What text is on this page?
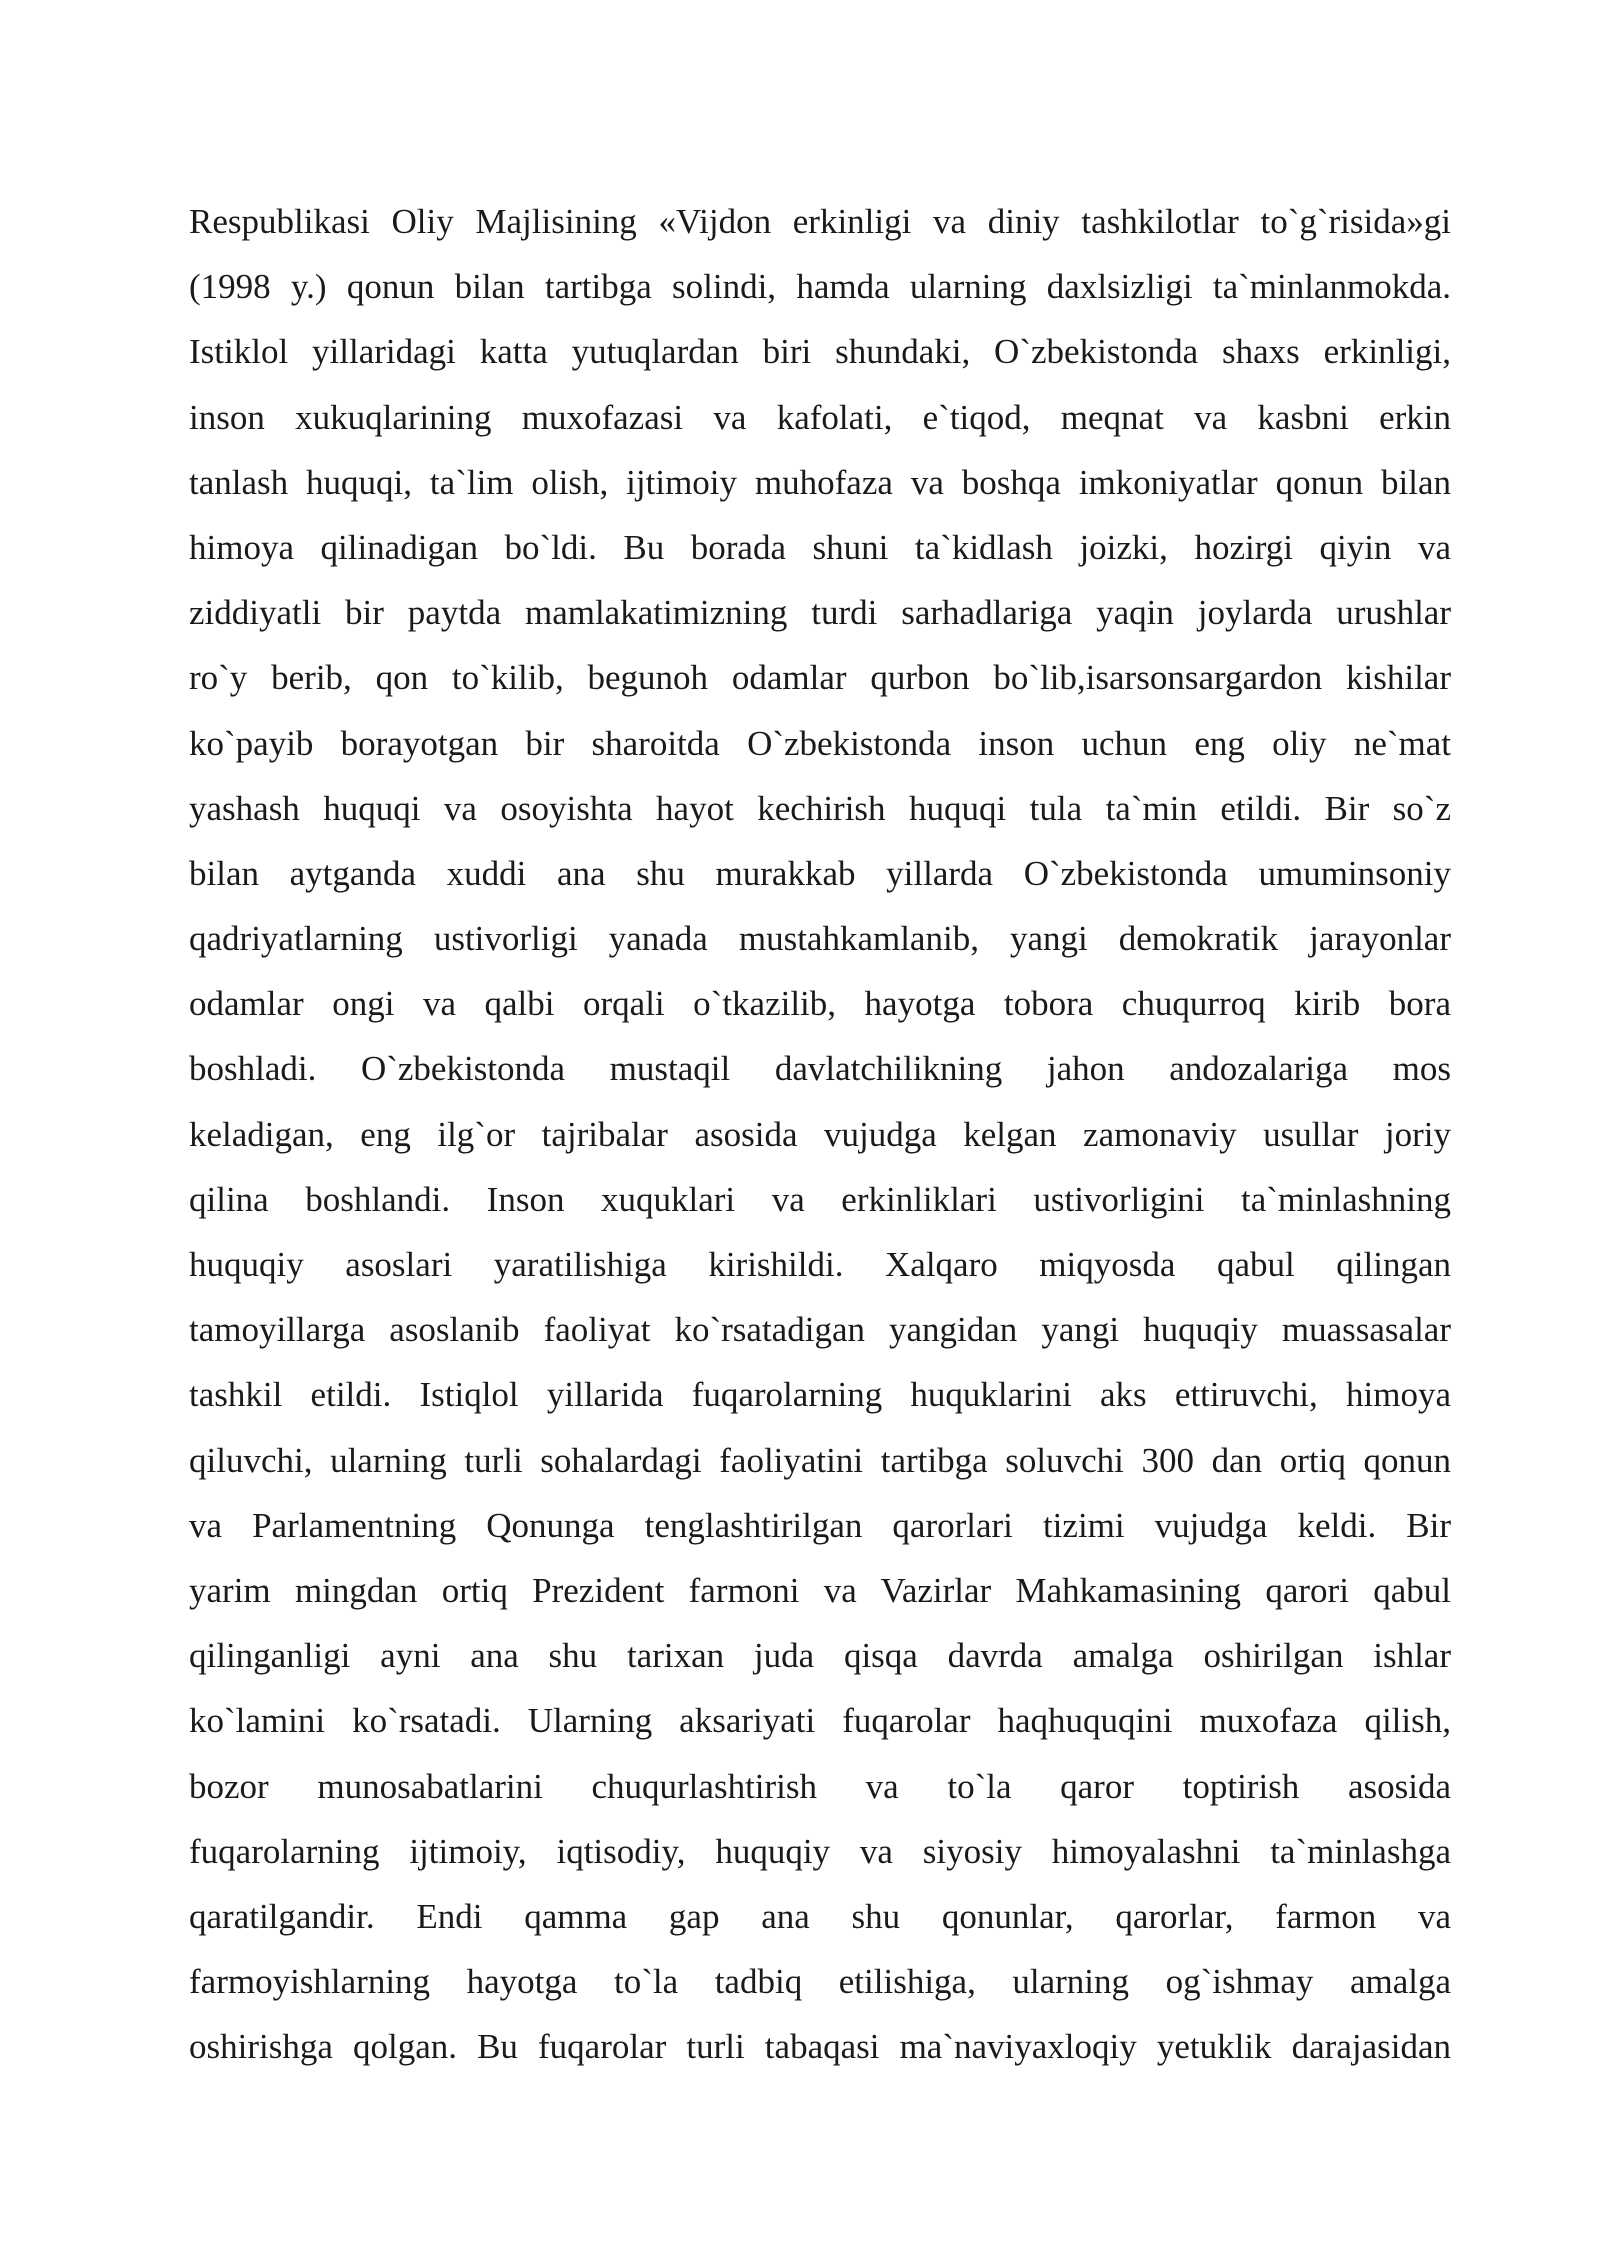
Respublikasi Oliy Majlisining «Vijdon erkinligi va diniy tashkilotlar to`g`risida»gi
(1998 y.) qonun bilan tartibga solindi, hamda ularning daxlsizligi ta`minlanmokda.
Istiklol yillaridagi katta yutuqlardan biri shundaki, O`zbekistonda shaxs erkinligi,
inson xukuqlarining muxofazasi va kafolati, e`tiqod, meqnat va kasbni erkin
tanlash huquqi, ta`lim olish, ijtimoiy muhofaza va boshqa imkoniyatlar qonun bilan
himoya qilinadigan bo`ldi. Bu borada shuni ta`kidlash joizki, hozirgi qiyin va
ziddiyatli bir paytda mamlakatimizning turdi sarhadlariga yaqin joylarda urushlar
ro`y berib, qon to`kilib, begunoh odamlar qurbon bo`lib,isarsonsargardon kishilar
ko`payib borayotgan bir sharoitda O`zbekistonda inson uchun eng oliy ne`mat
yashash huquqi va osoyishta hayot kechirish huquqi tula ta`min etildi. Bir so`z
bilan aytganda xuddi ana shu murakkab yillarda O`zbekistonda umuminsoniy
qadriyatlarning ustivorligi yanada mustahkamlanib, yangi demokratik jarayonlar
odamlar ongi va qalbi orqali o`tkazilib, hayotga tobora chuqurroq kirib bora
boshladi. O`zbekistonda mustaqil davlatchilikning jahon andozalariga mos
keladigan, eng ilg`or tajribalar asosida vujudga kelgan zamonaviy usullar joriy
qilina boshlandi. Inson xuquklari va erkinliklari ustivorligini ta`minlashning
huquqiy asoslari yaratilishiga kirishildi. Xalqaro miqyosda qabul qilingan
tamoyillarga asoslanib faoliyat ko`rsatadigan yangidan yangi huquqiy muassasalar
tashkil etildi. Istiqlol yillarida fuqarolarning huquklarini aks ettiruvchi, himoya
qiluvchi, ularning turli sohalardagi faoliyatini tartibga soluvchi 300 dan ortiq qonun
va Parlamentning Qonunga tenglashtirilgan qarorlari tizimi vujudga keldi. Bir
yarim mingdan ortiq Prezident farmoni va Vazirlar Mahkamasining qarori qabul
qilinganligi ayni ana shu tarixan juda qisqa davrda amalga oshirilgan ishlar
ko`lamini ko`rsatadi. Ularning aksariyati fuqarolar haqhuquqini muxofaza qilish,
bozor munosabatlarini chuqurlashtirish va to`la qaror toptirish asosida
fuqarolarning ijtimoiy, iqtisodiy, huquqiy va siyosiy himoyalashni ta`minlashga
qaratilgandir. Endi qamma gap ana shu qonunlar, qarorlar, farmon va
farmoyishlarning hayotga to`la tadbiq etilishiga, ularning og`ishmay amalga
oshirishga qolgan. Bu fuqarolar turli tabaqasi ma`naviyaxloqiy yetuklik darajasidan
